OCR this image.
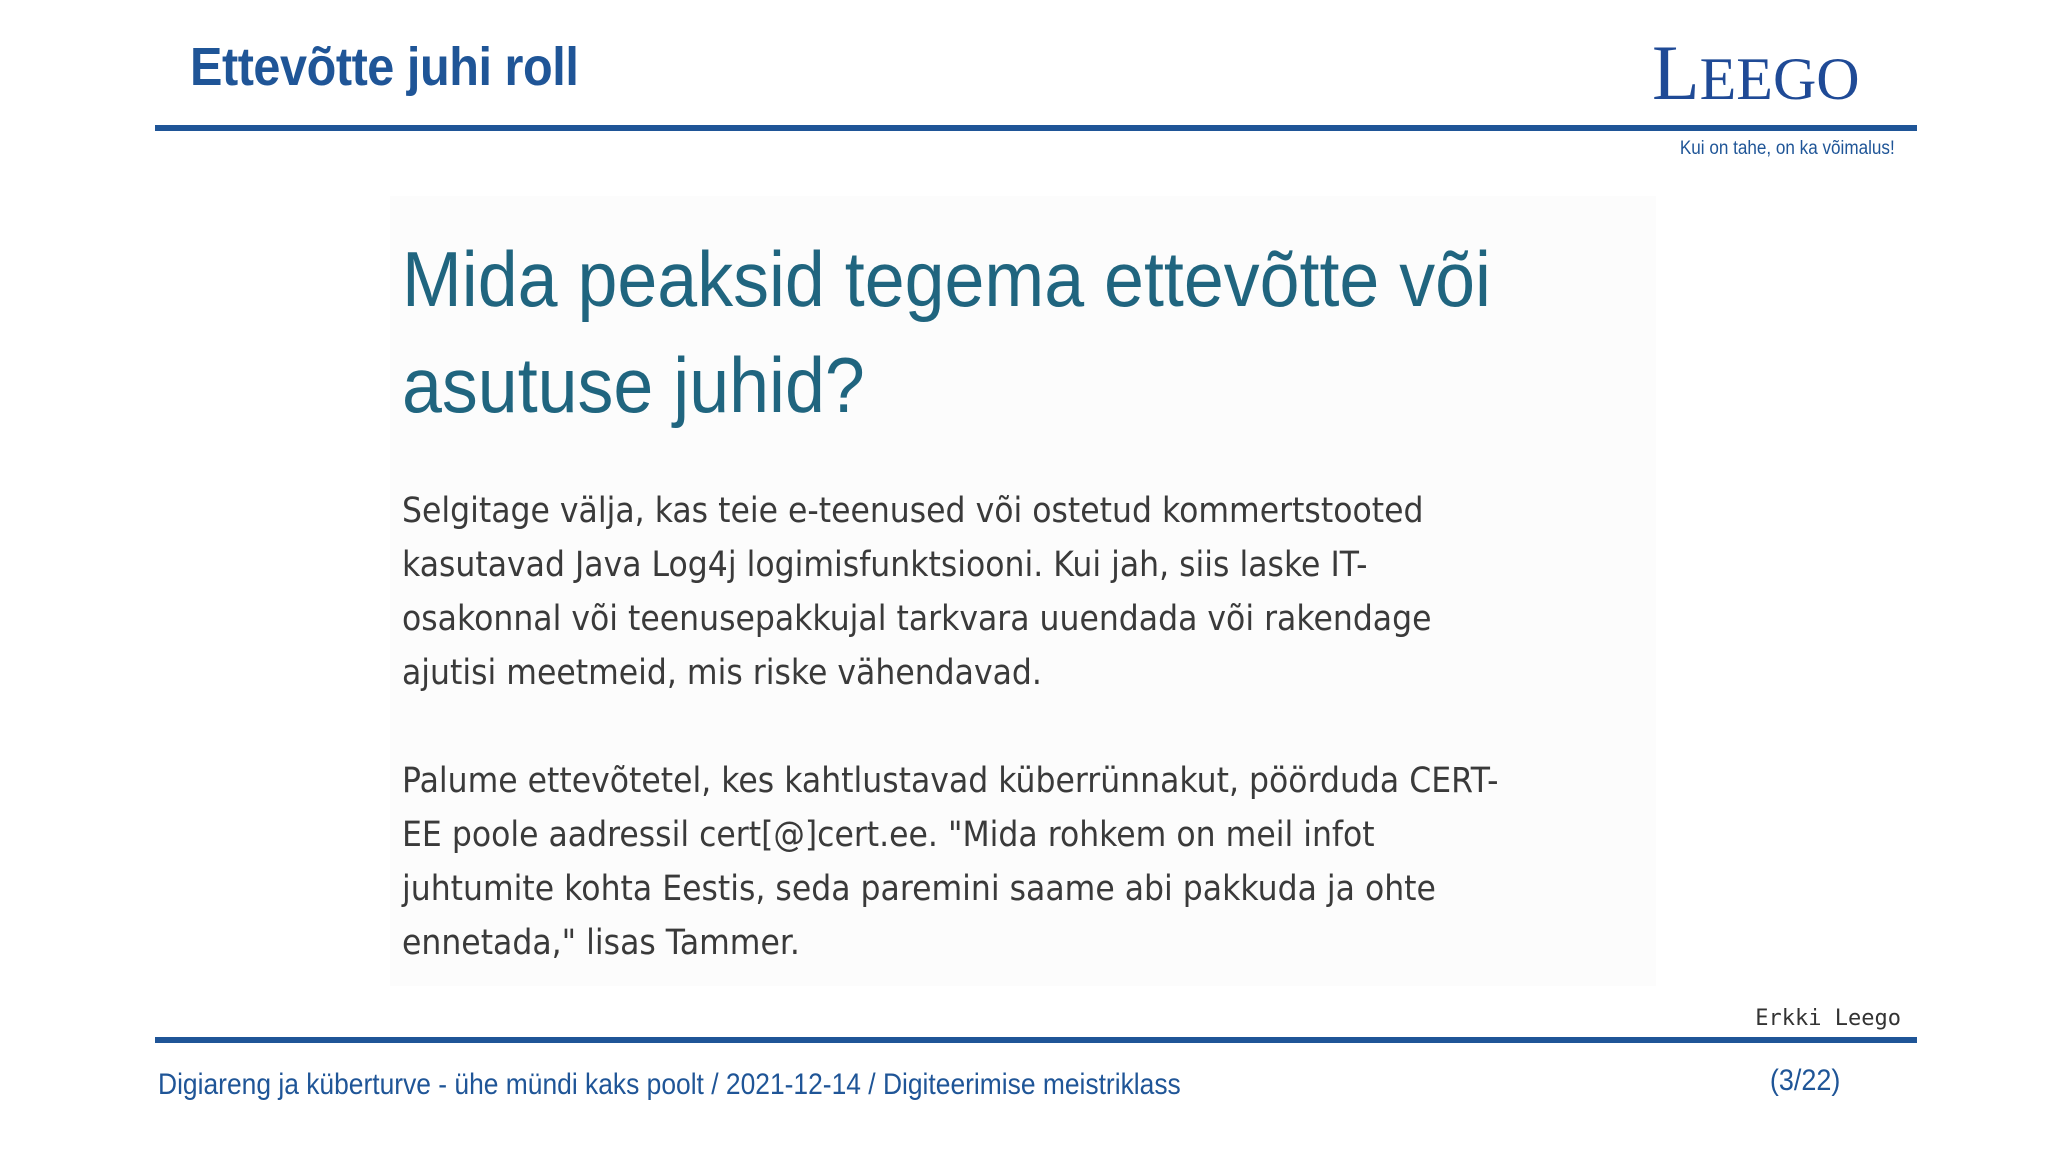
Ettevõtte juhi roll	LEEGO
Kui on tahe, on ka võimalus!
Mida peaksid tegema ettevõtte või asutuse juhid?

Selgitage välja, kas teie e-teenused või ostetud kommertstooted kasutavad Java Log4j logimisfunktsiooni. Kui jah, siis laske IT-osakonnal või teenusepakkujal tarkvara uuendada või rakendage ajutisi meetmeid, mis riske vähendavad.

Palume ettevõtetel, kes kahtlustavad küberrünnakut, pöörduda CERT-EE poole aadressil cert[@]cert.ee. "Mida rohkem on meil infot juhtumite kohta Eestis, seda paremini saame abi pakkuda ja ohte ennetada," lisas Tammer.

Erkki Leego
Digiareng ja küberturve - ühe mündi kaks poolt / 2021-12-14 / Digiteerimise meistriklass	(3/22)
